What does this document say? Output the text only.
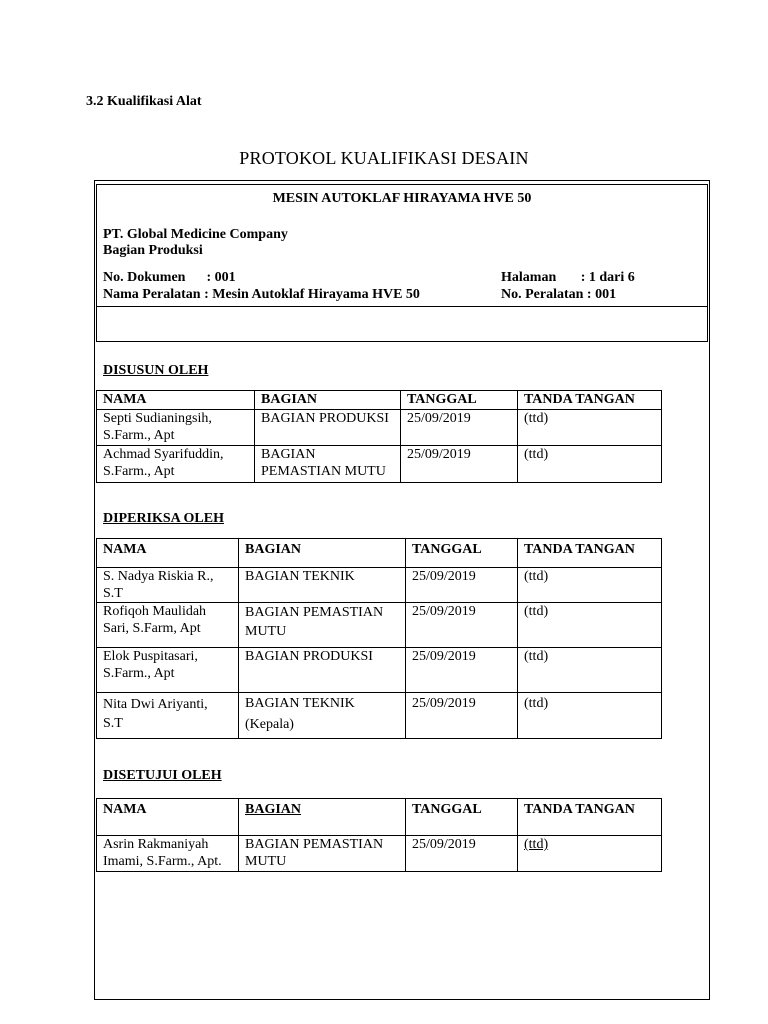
3.2 Kualifikasi Alat
PROTOKOL KUALIFIKASI DESAIN
MESIN AUTOKLAF HIRAYAMA HVE 50
PT. Global Medicine Company
Bagian Produksi
No. Dokumen      : 001
Nama Peralatan : Mesin Autoklaf Hirayama HVE 50
Halaman       : 1 dari 6
No. Peralatan : 001
DISUSUN OLEH
NAMA	BAGIAN	TANGGAL	TANDA TANGAN
Septi Sudianingsih,
S.Farm., Apt	BAGIAN PRODUKSI	25/09/2019	(ttd)
Achmad Syarifuddin,
S.Farm., Apt	BAGIAN
PEMASTIAN MUTU	25/09/2019	(ttd)
DIPERIKSA OLEH
NAMA	BAGIAN	TANGGAL	TANDA TANGAN
S. Nadya Riskia R.,
S.T	BAGIAN TEKNIK	25/09/2019	(ttd)
Rofiqoh Maulidah
Sari, S.Farm, Apt	BAGIAN PEMASTIAN
MUTU	25/09/2019	(ttd)
Elok Puspitasari,
S.Farm., Apt	BAGIAN PRODUKSI	25/09/2019	(ttd)
Nita Dwi Ariyanti,
S.T	BAGIAN TEKNIK
(Kepala)	25/09/2019	(ttd)
DISETUJUI OLEH
NAMA	BAGIAN	TANGGAL	TANDA TANGAN
Asrin Rakmaniyah
Imami, S.Farm., Apt.	BAGIAN PEMASTIAN
MUTU	25/09/2019	(ttd)
